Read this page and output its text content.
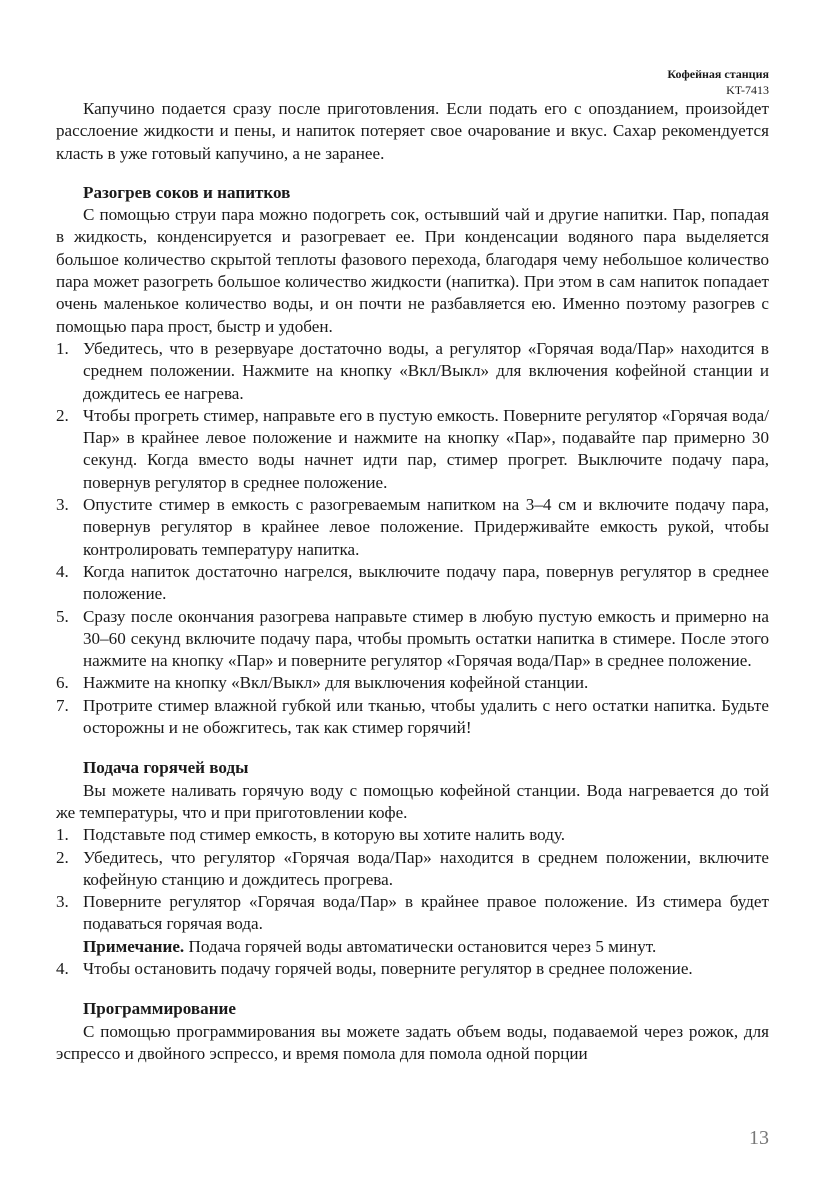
Кофейная станция
KT-7413

Капучино подается сразу после приготовления. Если подать его с опозданием, произойдет расслоение жидкости и пены, и напиток потеряет свое очарование и вкус. Сахар рекомендуется класть в уже готовый капучино, а не заранее.

Разогрев соков и напитков

С помощью струи пара можно подогреть сок, остывший чай и другие напитки. Пар, попадая в жидкость, конденсируется и разогревает ее. При конденсации водяного пара выделяется большое количество скрытой теплоты фазового перехода, благодаря чему небольшое количество пара может разогреть большое количество жидкости (напитка). При этом в сам напиток попадает очень маленькое количество воды, и он почти не разбавляется ею. Именно поэтому разогрев с помощью пара прост, быстр и удобен.

1. Убедитесь, что в резервуаре достаточно воды, а регулятор «Горячая вода/Пар» находится в среднем положении. Нажмите на кнопку «Вкл/Выкл» для включения кофейной станции и дождитесь ее нагрева.
2. Чтобы прогреть стимер, направьте его в пустую емкость. Поверните регулятор «Горячая вода/Пар» в крайнее левое положение и нажмите на кнопку «Пар», подавайте пар примерно 30 секунд. Когда вместо воды начнет идти пар, стимер прогрет. Выключите подачу пара, повернув регулятор в среднее положение.
3. Опустите стимер в емкость с разогреваемым напитком на 3–4 см и включите подачу пара, повернув регулятор в крайнее левое положение. Придерживайте емкость рукой, чтобы контролировать температуру напитка.
4. Когда напиток достаточно нагрелся, выключите подачу пара, повернув регулятор в среднее положение.
5. Сразу после окончания разогрева направьте стимер в любую пустую емкость и примерно на 30–60 секунд включите подачу пара, чтобы промыть остатки напитка в стимере. После этого нажмите на кнопку «Пар» и поверните регулятор «Горячая вода/Пар» в среднее положение.
6. Нажмите на кнопку «Вкл/Выкл» для выключения кофейной станции.
7. Протрите стимер влажной губкой или тканью, чтобы удалить с него остатки напитка. Будьте осторожны и не обожгитесь, так как стимер горячий!
Подача горячей воды

Вы можете наливать горячую воду с помощью кофейной станции. Вода нагревается до той же температуры, что и при приготовлении кофе.

1. Подставьте под стимер емкость, в которую вы хотите налить воду.
2. Убедитесь, что регулятор «Горячая вода/Пар» находится в среднем положении, включите кофейную станцию и дождитесь прогрева.
3. Поверните регулятор «Горячая вода/Пар» в крайнее правое положение. Из стимера будет подаваться горячая вода.
Примечание. Подача горячей воды автоматически остановится через 5 минут.
4. Чтобы остановить подачу горячей воды, поверните регулятор в среднее положение.
Программирование

С помощью программирования вы можете задать объем воды, подаваемой через рожок, для эспрессо и двойного эспрессо, и время помола для помола одной порции

13
